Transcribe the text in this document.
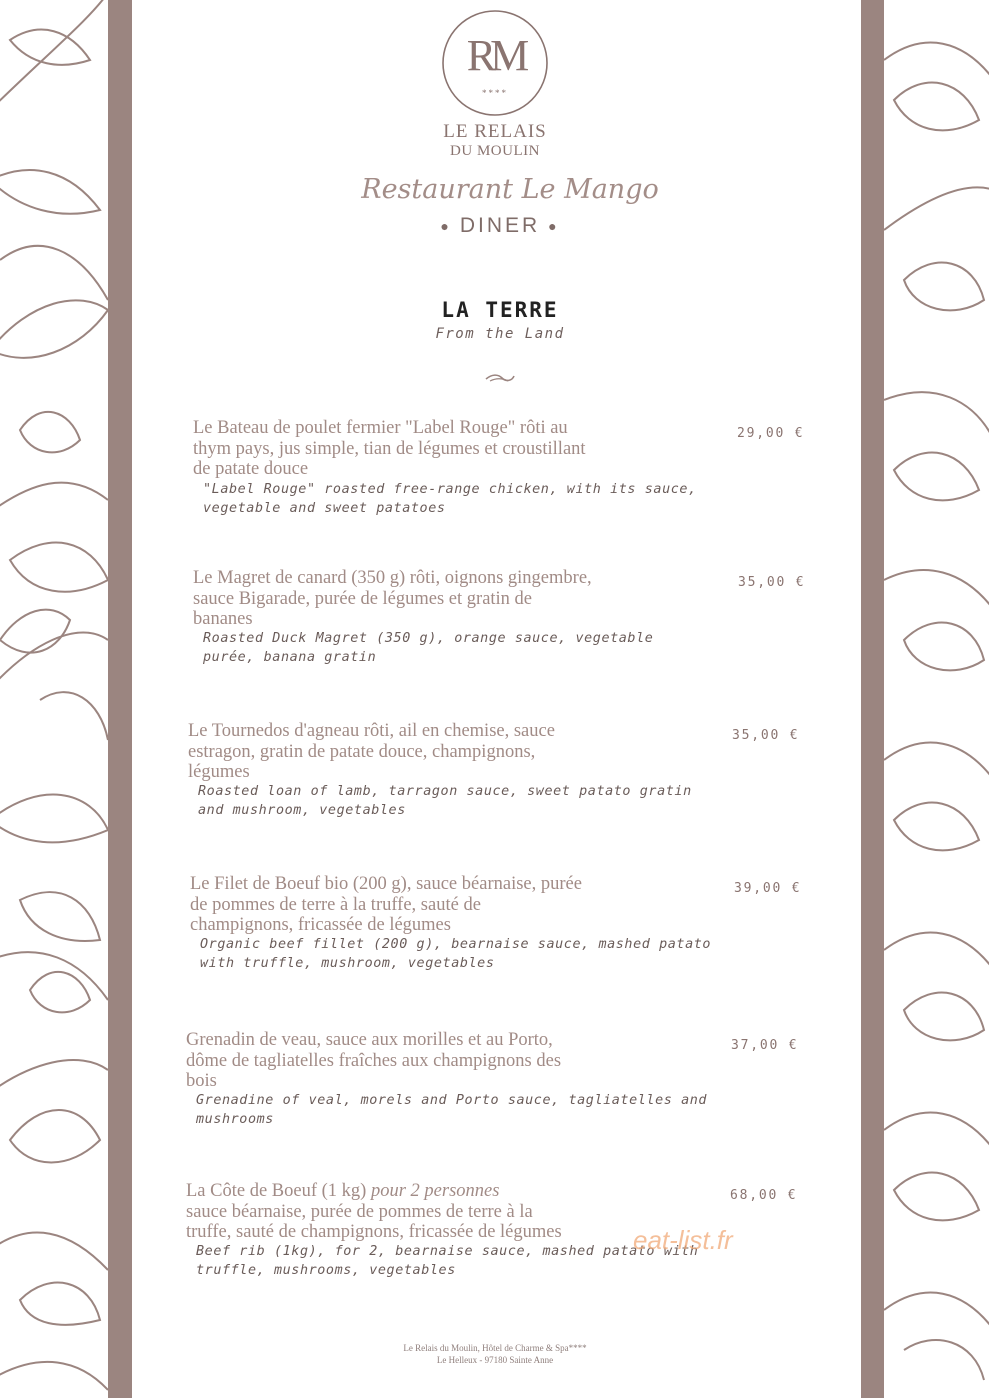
RM
****
LE RELAIS
DU MOULIN
Restaurant Le Mango
● DINER ●
LA TERRE
From the Land
Le Bateau de poulet fermier "Label Rouge" rôti au
thym pays, jus simple, tian de légumes et croustillant
de patate douce
"Label Rouge" roasted free-range chicken, with its sauce,
vegetable and sweet patatoes
29,00 €
Le Magret de canard (350 g) rôti, oignons gingembre,
sauce Bigarade, purée de légumes et gratin de
bananes
Roasted Duck Magret (350 g), orange sauce, vegetable
purée, banana gratin
35,00 €
Le Tournedos d'agneau rôti, ail en chemise, sauce
estragon, gratin de patate douce, champignons,
légumes
Roasted loan of lamb, tarragon sauce, sweet patato gratin
and mushroom, vegetables
35,00 €
Le Filet de Boeuf bio (200 g), sauce béarnaise, purée
de pommes de terre à la truffe, sauté de
champignons, fricassée de légumes
Organic beef fillet (200 g), bearnaise sauce, mashed patato
with truffle, mushroom, vegetables
39,00 €
Grenadin de veau, sauce aux morilles et au Porto,
dôme de tagliatelles fraîches aux champignons des
bois
Grenadine of veal, morels and Porto sauce, tagliatelles and
mushrooms
37,00 €
La Côte de Boeuf (1 kg) pour 2 personnes
sauce béarnaise, purée de pommes de terre à la
truffe, sauté de champignons, fricassée de légumes
Beef rib (1kg), for 2, bearnaise sauce, mashed patato with
truffle, mushrooms, vegetables
68,00 €
eat-list.fr
Le Relais du Moulin, Hôtel de Charme & Spa****
Le Helleux - 97180 Sainte Anne
